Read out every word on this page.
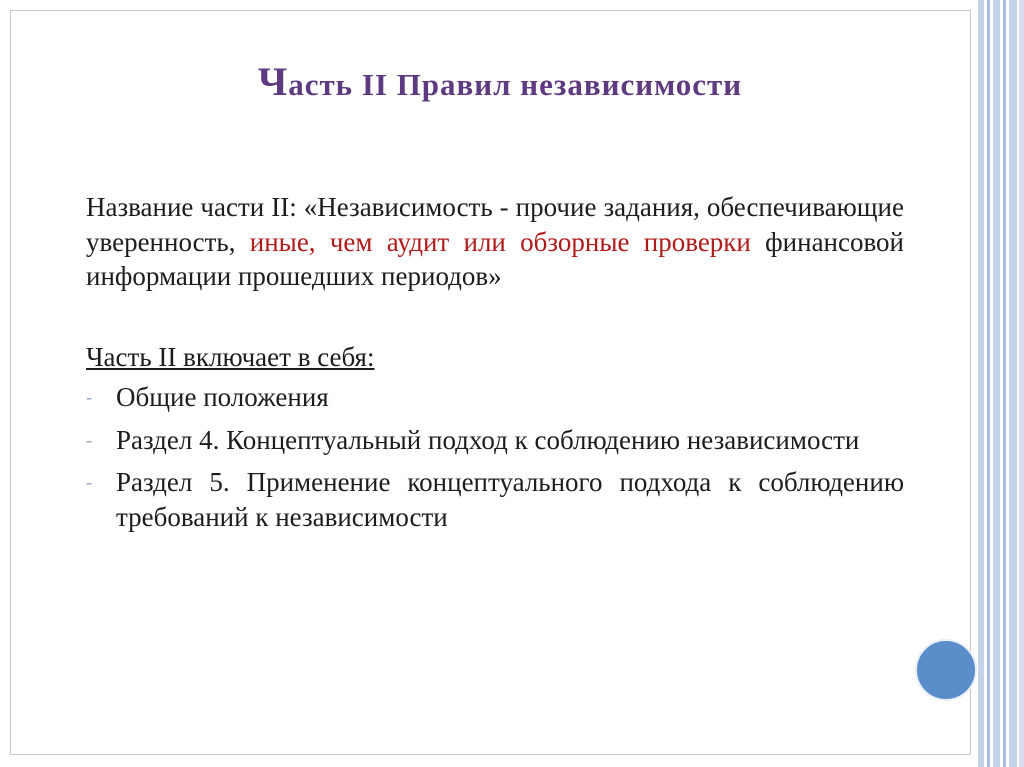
Часть II Правил независимости

Название части II: «Независимость - прочие задания, обеспечивающие уверенность, иные, чем аудит или обзорные проверки финансовой информации прошедших периодов»

Часть II включает в себя:

- Общие положения
- Раздел 4. Концептуальный подход к соблюдению независимости
- Раздел 5. Применение концептуального подхода к соблюдению требований к независимости
